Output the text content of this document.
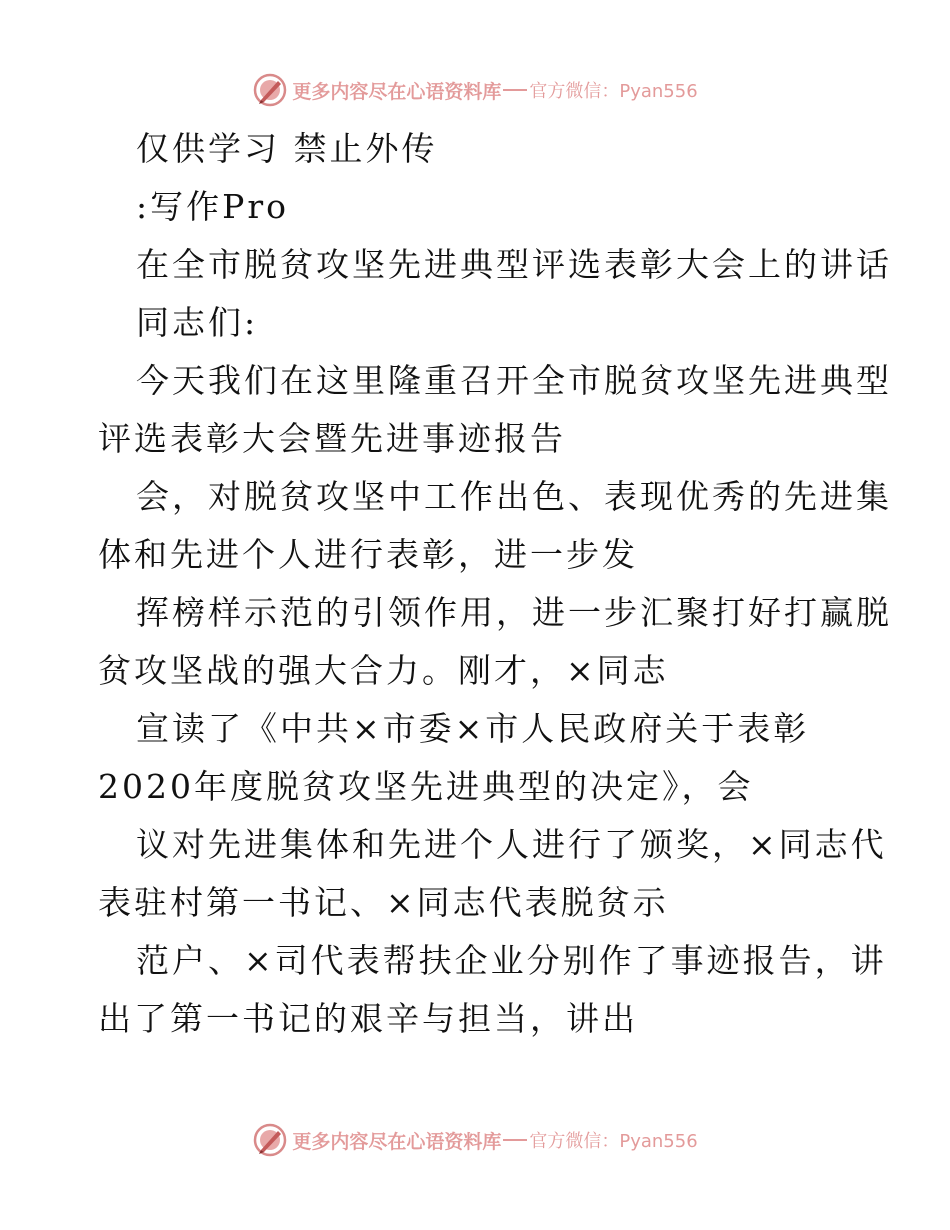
更多内容尽在心语资料库 官方微信：Pyan556
仅供学习 禁止外传
:写作Pro
在全市脱贫攻坚先进典型评选表彰大会上的讲话
同志们:
今天我们在这里隆重召开全市脱贫攻坚先进典型
评选表彰大会暨先进事迹报告
会，对脱贫攻坚中工作出色、表现优秀的先进集
体和先进个人进行表彰，进一步发
挥榜样示范的引领作用，进一步汇聚打好打赢脱
贫攻坚战的强大合力。刚才，×同志
宣读了《中共×市委×市人民政府关于表彰
2020年度脱贫攻坚先进典型的决定》，会
议对先进集体和先进个人进行了颁奖，×同志代
表驻村第一书记、×同志代表脱贫示
范户、×司代表帮扶企业分别作了事迹报告，讲
出了第一书记的艰辛与担当，讲出
更多内容尽在心语资料库 官方微信：Pyan556
